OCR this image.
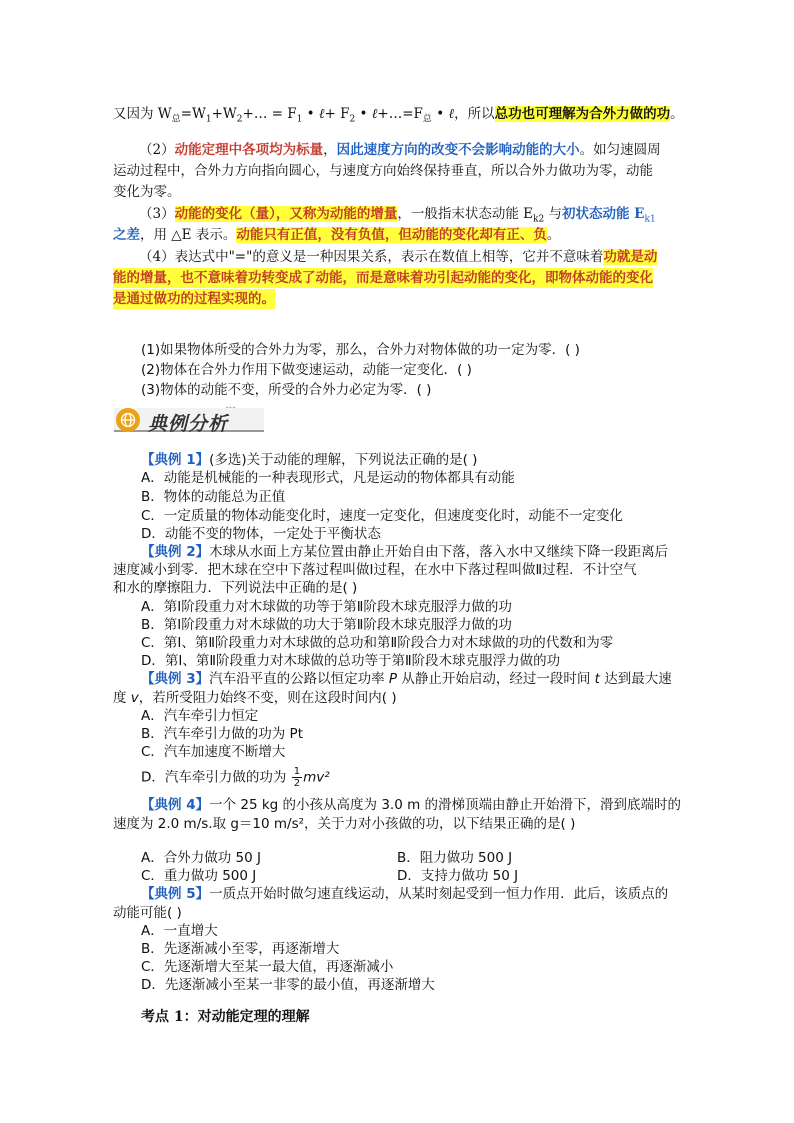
又因为 $W_总=W_1+W_2+\dots = F_1$ • ℓ+ $F_2$ • $\ell+\dots=F_总$ • ℓ，所以总功也可理解为合外力做的功。
（2）动能定理中各项均为标量，因此速度方向的改变不会影响动能的大小。如匀速圆周
运动过程中，合外力方向指向圆心，与速度方向始终保持垂直，所以合外力做功为零，动能
变化为零。
（3）动能的变化（量），又称为动能的增量，一般指末状态动能 $E_{k2}$ 与初状态动能 $E_{k1}$
之差，用 △E 表示。动能只有正值，没有负值，但动能的变化却有正、负。
（4）表达式中"="的意义是一种因果关系，表示在数值上相等，它并不意味着功就是动
能的增量，也不意味着功转变成了动能，而是意味着功引起动能的变化，即物体动能的变化
是通过做功的过程实现的。
(1)如果物体所受的合外力为零，那么，合外力对物体做的功一定为零．( )
(2)物体在合外力作用下做变速运动，动能一定变化．( )
(3)物体的动能不变，所受的合外力必定为零．( )
典例分析
【典例 1】(多选)关于动能的理解，下列说法正确的是( )
A．动能是机械能的一种表现形式，凡是运动的物体都具有动能
B．物体的动能总为正值
C．一定质量的物体动能变化时，速度一定变化，但速度变化时，动能不一定变化
D．动能不变的物体，一定处于平衡状态
【典例 2】木球从水面上方某位置由静止开始自由下落，落入水中又继续下降一段距离后
速度减小到零．把木球在空中下落过程叫做Ⅰ过程，在水中下落过程叫做Ⅱ过程．不计空气
和水的摩擦阻力．下列说法中正确的是( )
A．第Ⅰ阶段重力对木球做的功等于第Ⅱ阶段木球克服浮力做的功
B．第Ⅰ阶段重力对木球做的功大于第Ⅱ阶段木球克服浮力做的功
C．第Ⅰ、第Ⅱ阶段重力对木球做的总功和第Ⅱ阶段合力对木球做的功的代数和为零
D．第Ⅰ、第Ⅱ阶段重力对木球做的总功等于第Ⅱ阶段木球克服浮力做的功
【典例 3】汽车沿平直的公路以恒定功率 P 从静止开始启动，经过一段时间 t 达到最大速
度 v，若所受阻力始终不变，则在这段时间内( )
A．汽车牵引力恒定
B．汽车牵引力做的功为 Pt
C．汽车加速度不断增大
D．汽车牵引力做的功为 $\frac{1}{2} mv^2$
【典例 4】一个 25 kg 的小孩从高度为 3.0 m 的滑梯顶端由静止开始滑下，滑到底端时的
速度为 2.0 m/s.取 g＝10 m/s²，关于力对小孩做的功，以下结果正确的是( )
A．合外力做功 50 J	B．阻力做功 500 J
C．重力做功 500 J	D．支持力做功 50 J
【典例 5】一质点开始时做匀速直线运动，从某时刻起受到一恒力作用．此后，该质点的
动能可能( )
A．一直增大
B．先逐渐减小至零，再逐渐增大
C．先逐渐增大至某一最大值，再逐渐减小
D．先逐渐减小至某一非零的最小值，再逐渐增大
考点 1：对动能定理的理解
